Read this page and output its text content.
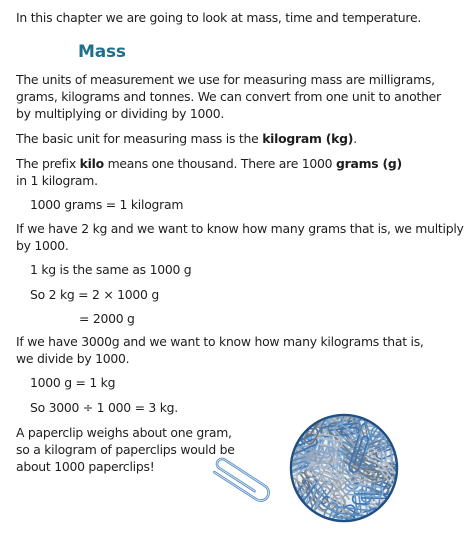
In this chapter we are going to look at mass, time and temperature.
Mass
The units of measurement we use for measuring mass are milligrams,
grams, kilograms and tonnes. We can convert from one unit to another
by multiplying or dividing by 1000.
The basic unit for measuring mass is the kilogram (kg).
The prefix kilo means one thousand. There are 1000 grams (g)
in 1 kilogram.
1000 grams = 1 kilogram
If we have 2 kg and we want to know how many grams that is, we multiply
by 1000.
1 kg is the same as 1000 g
So 2 kg = 2 × 1000 g
= 2000 g
If we have 3000g and we want to know how many kilograms that is,
we divide by 1000.
1000 g = 1 kg
So 3000 ÷ 1 000 = 3 kg.
A paperclip weighs about one gram,
so a kilogram of paperclips would be
about 1000 paperclips!
